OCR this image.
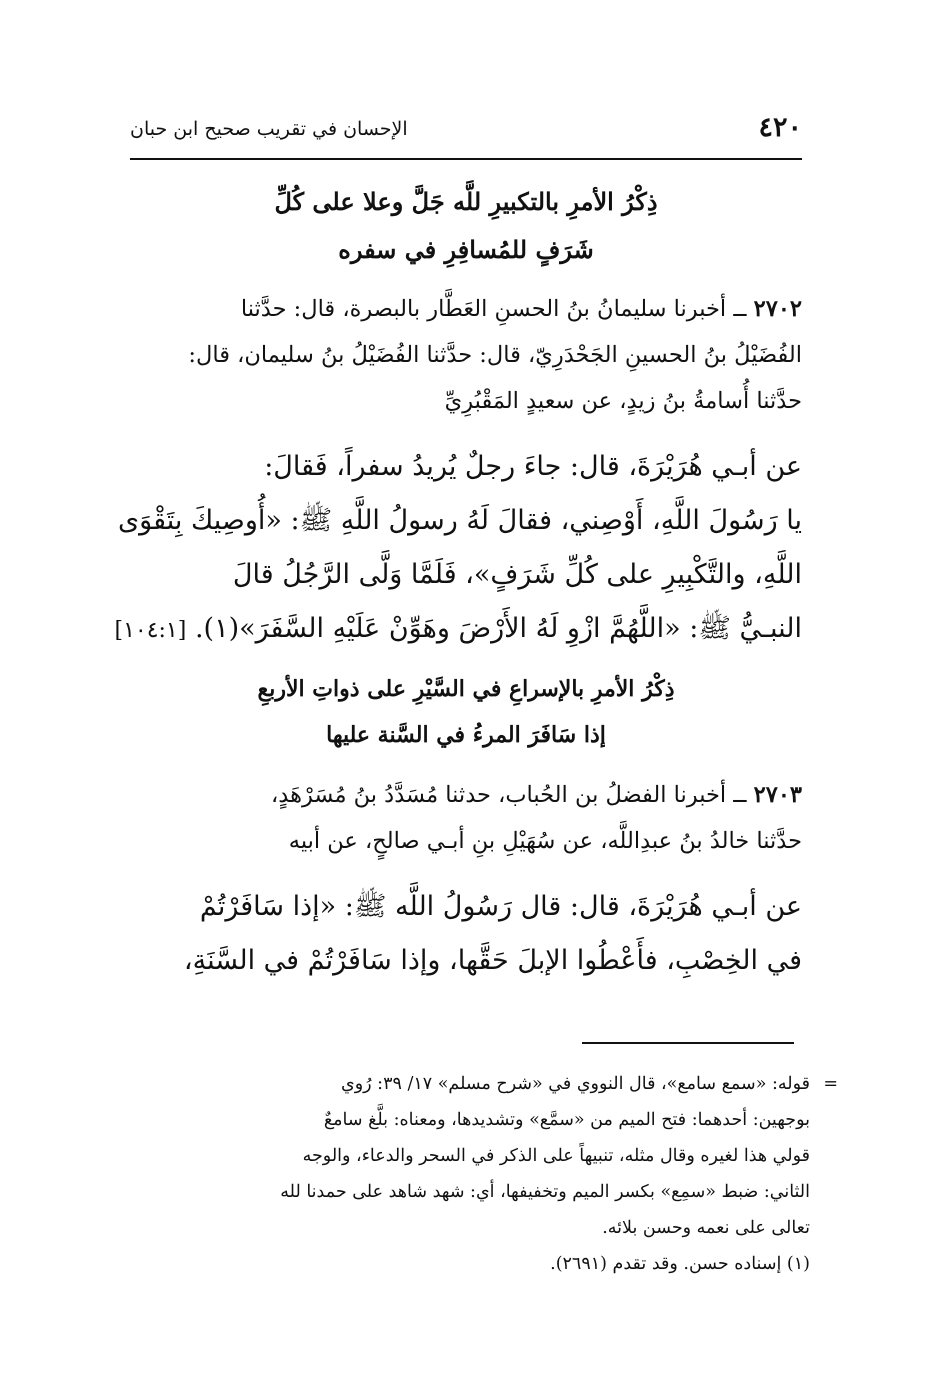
٤٢٠
الإحسان في تقريب صحيح ابن حبان
ذِكْرُ الأمرِ بالتكبيرِ للَّه جَلَّ وعلا على كُلِّ
شَرَفٍ للمُسافِرِ في سفره
٢٧٠٢ ــ أخبرنا سليمانُ بنُ الحسنِ العَطَّار بالبصرة، قال: حدَّثنا
الفُضَيْلُ بنُ الحسينِ الجَحْدَرِيّ، قال: حدَّثنا الفُضَيْلُ بنُ سليمان، قال:
حدَّثنا أُسامةُ بنُ زيدٍ، عن سعيدٍ المَقْبُرِيِّ
عن أبـي هُرَيْرَةَ، قال: جاءَ رجلٌ يُريدُ سفراً، فَقالَ:
يا رَسُولَ اللَّهِ، أَوْصِني، فقالَ لَهُ رسولُ اللَّهِ ﷺ: «أُوصِيكَ بِتَقْوَى
اللَّهِ، والتَّكْبِيرِ على كُلِّ شَرَفٍ»، فَلَمَّا وَلَّى الرَّجُلُ قالَ
النبـيُّ ﷺ: «اللَّهُمَّ ازْوِ لَهُ الأَرْضَ وهَوِّنْ عَلَيْهِ السَّفَرَ»(١). [١٠٤:١]
ذِكْرُ الأمرِ بالإسراعِ في السَّيْرِ على ذواتِ الأربعِ
إذا سَافَرَ المرءُ في السَّنة عليها
٢٧٠٣ ــ أخبرنا الفضلُ بن الحُباب، حدثنا مُسَدَّدُ بنُ مُسَرْهَدٍ،
حدَّثنا خالدُ بنُ عبدِاللَّه، عن سُهَيْلِ بنِ أبـي صالحٍ، عن أبيه
عن أبـي هُرَيْرَةَ، قال: قال رَسُولُ اللَّه ﷺ: «إذا سَافَرْتُمْ
في الخِصْبِ، فأَعْطُوا الإبلَ حَقَّها، وإذا سَافَرْتُمْ في السَّنَةِ،
=
قوله: «سمع سامع»، قال النووي في «شرح مسلم» ١٧/ ٣٩: رُوي
بوجهين: أحدهما: فتح الميم من «سمَّع» وتشديدها، ومعناه: بلَّغ سامعٌ
قولي هذا لغيره وقال مثله، تنبيهاً على الذكر في السحر والدعاء، والوجه
الثاني: ضبط «سمِع» بكسر الميم وتخفيفها، أي: شهد شاهد على حمدنا لله
تعالى على نعمه وحسن بلائه.
(١) إسناده حسن. وقد تقدم (٢٦٩١).
